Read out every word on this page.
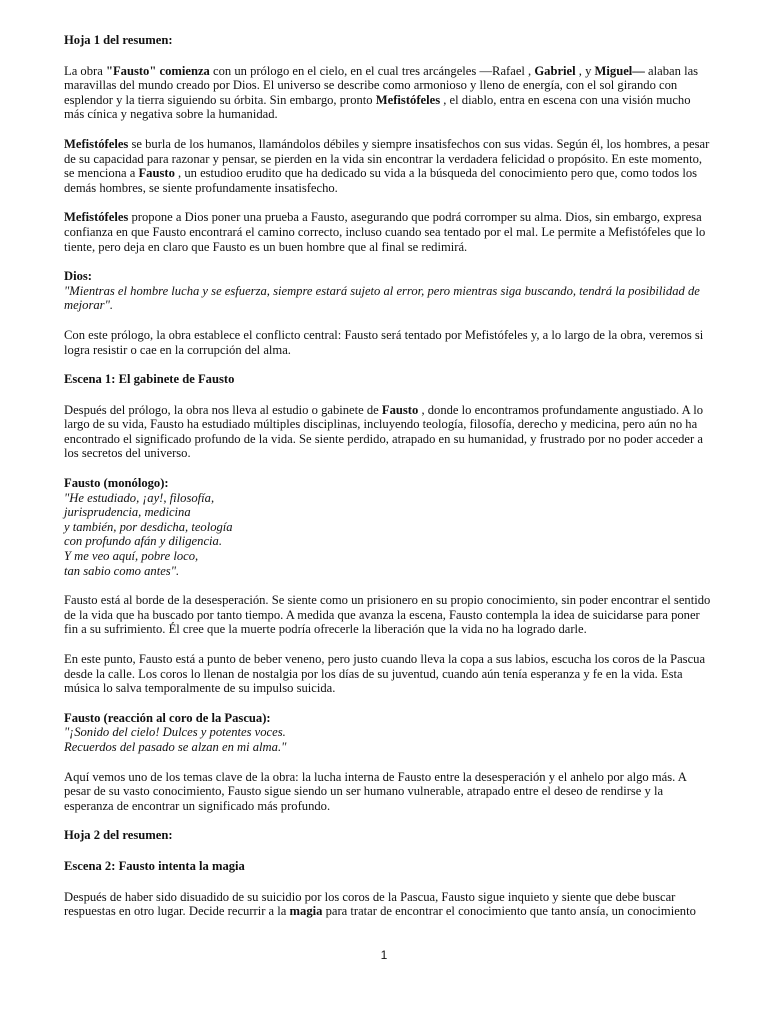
Hoja 1 del resumen:

La obra "Fausto" comienza con un prólogo en el cielo, en el cual tres arcángeles —Rafael , Gabriel , y Miguel— alaban las maravillas del mundo creado por Dios. El universo se describe como armonioso y lleno de energía, con el sol girando con esplendor y la tierra siguiendo su órbita. Sin embargo, pronto Mefistófeles , el diablo, entra en escena con una visión mucho más cínica y negativa sobre la humanidad.

Mefistófeles se burla de los humanos, llamándolos débiles y siempre insatisfechos con sus vidas. Según él, los hombres, a pesar de su capacidad para razonar y pensar, se pierden en la vida sin encontrar la verdadera felicidad o propósito. En este momento, se menciona a Fausto , un estudioo erudito que ha dedicado su vida a la búsqueda del conocimiento pero que, como todos los demás hombres, se siente profundamente insatisfecho.

Mefistófeles propone a Dios poner una prueba a Fausto, asegurando que podrá corromper su alma. Dios, sin embargo, expresa confianza en que Fausto encontrará el camino correcto, incluso cuando sea tentado por el mal. Le permite a Mefistófeles que lo tiente, pero deja en claro que Fausto es un buen hombre que al final se redimirá.

Dios:

"Mientras el hombre lucha y se esfuerza, siempre estará sujeto al error, pero mientras siga buscando, tendrá la posibilidad de mejorar".

Con este prólogo, la obra establece el conflicto central: Fausto será tentado por Mefistófeles y, a lo largo de la obra, veremos si logra resistir o cae en la corrupción del alma.

Escena 1: El gabinete de Fausto

Después del prólogo, la obra nos lleva al estudio o gabinete de Fausto , donde lo encontramos profundamente angustiado. A lo largo de su vida, Fausto ha estudiado múltiples disciplinas, incluyendo teología, filosofía, derecho y medicina, pero aún no ha encontrado el significado profundo de la vida. Se siente perdido, atrapado en su humanidad, y frustrado por no poder acceder a los secretos del universo.

Fausto (monólogo):

"He estudiado, ¡ay!, filosofía,

jurisprudencia, medicina

y también, por desdicha, teología

con profundo afán y diligencia.

Y me veo aquí, pobre loco,

tan sabio como antes".

Fausto está al borde de la desesperación. Se siente como un prisionero en su propio conocimiento, sin poder encontrar el sentido de la vida que ha buscado por tanto tiempo. A medida que avanza la escena, Fausto contempla la idea de suicidarse para poner fin a su sufrimiento. Él cree que la muerte podría ofrecerle la liberación que la vida no ha logrado darle.

En este punto, Fausto está a punto de beber veneno, pero justo cuando lleva la copa a sus labios, escucha los coros de la Pascua desde la calle. Los coros lo llenan de nostalgia por los días de su juventud, cuando aún tenía esperanza y fe en la vida. Esta música lo salva temporalmente de su impulso suicida.

Fausto (reacción al coro de la Pascua):

"¡Sonido del cielo! Dulces y potentes voces.

Recuerdos del pasado se alzan en mi alma."

Aquí vemos uno de los temas clave de la obra: la lucha interna de Fausto entre la desesperación y el anhelo por algo más. A pesar de su vasto conocimiento, Fausto sigue siendo un ser humano vulnerable, atrapado entre el deseo de rendirse y la esperanza de encontrar un significado más profundo.

Hoja 2 del resumen:

Escena 2: Fausto intenta la magia

Después de haber sido disuadido de su suicidio por los coros de la Pascua, Fausto sigue inquieto y siente que debe buscar respuestas en otro lugar. Decide recurrir a la magia para tratar de encontrar el conocimiento que tanto ansía, un conocimiento

1
